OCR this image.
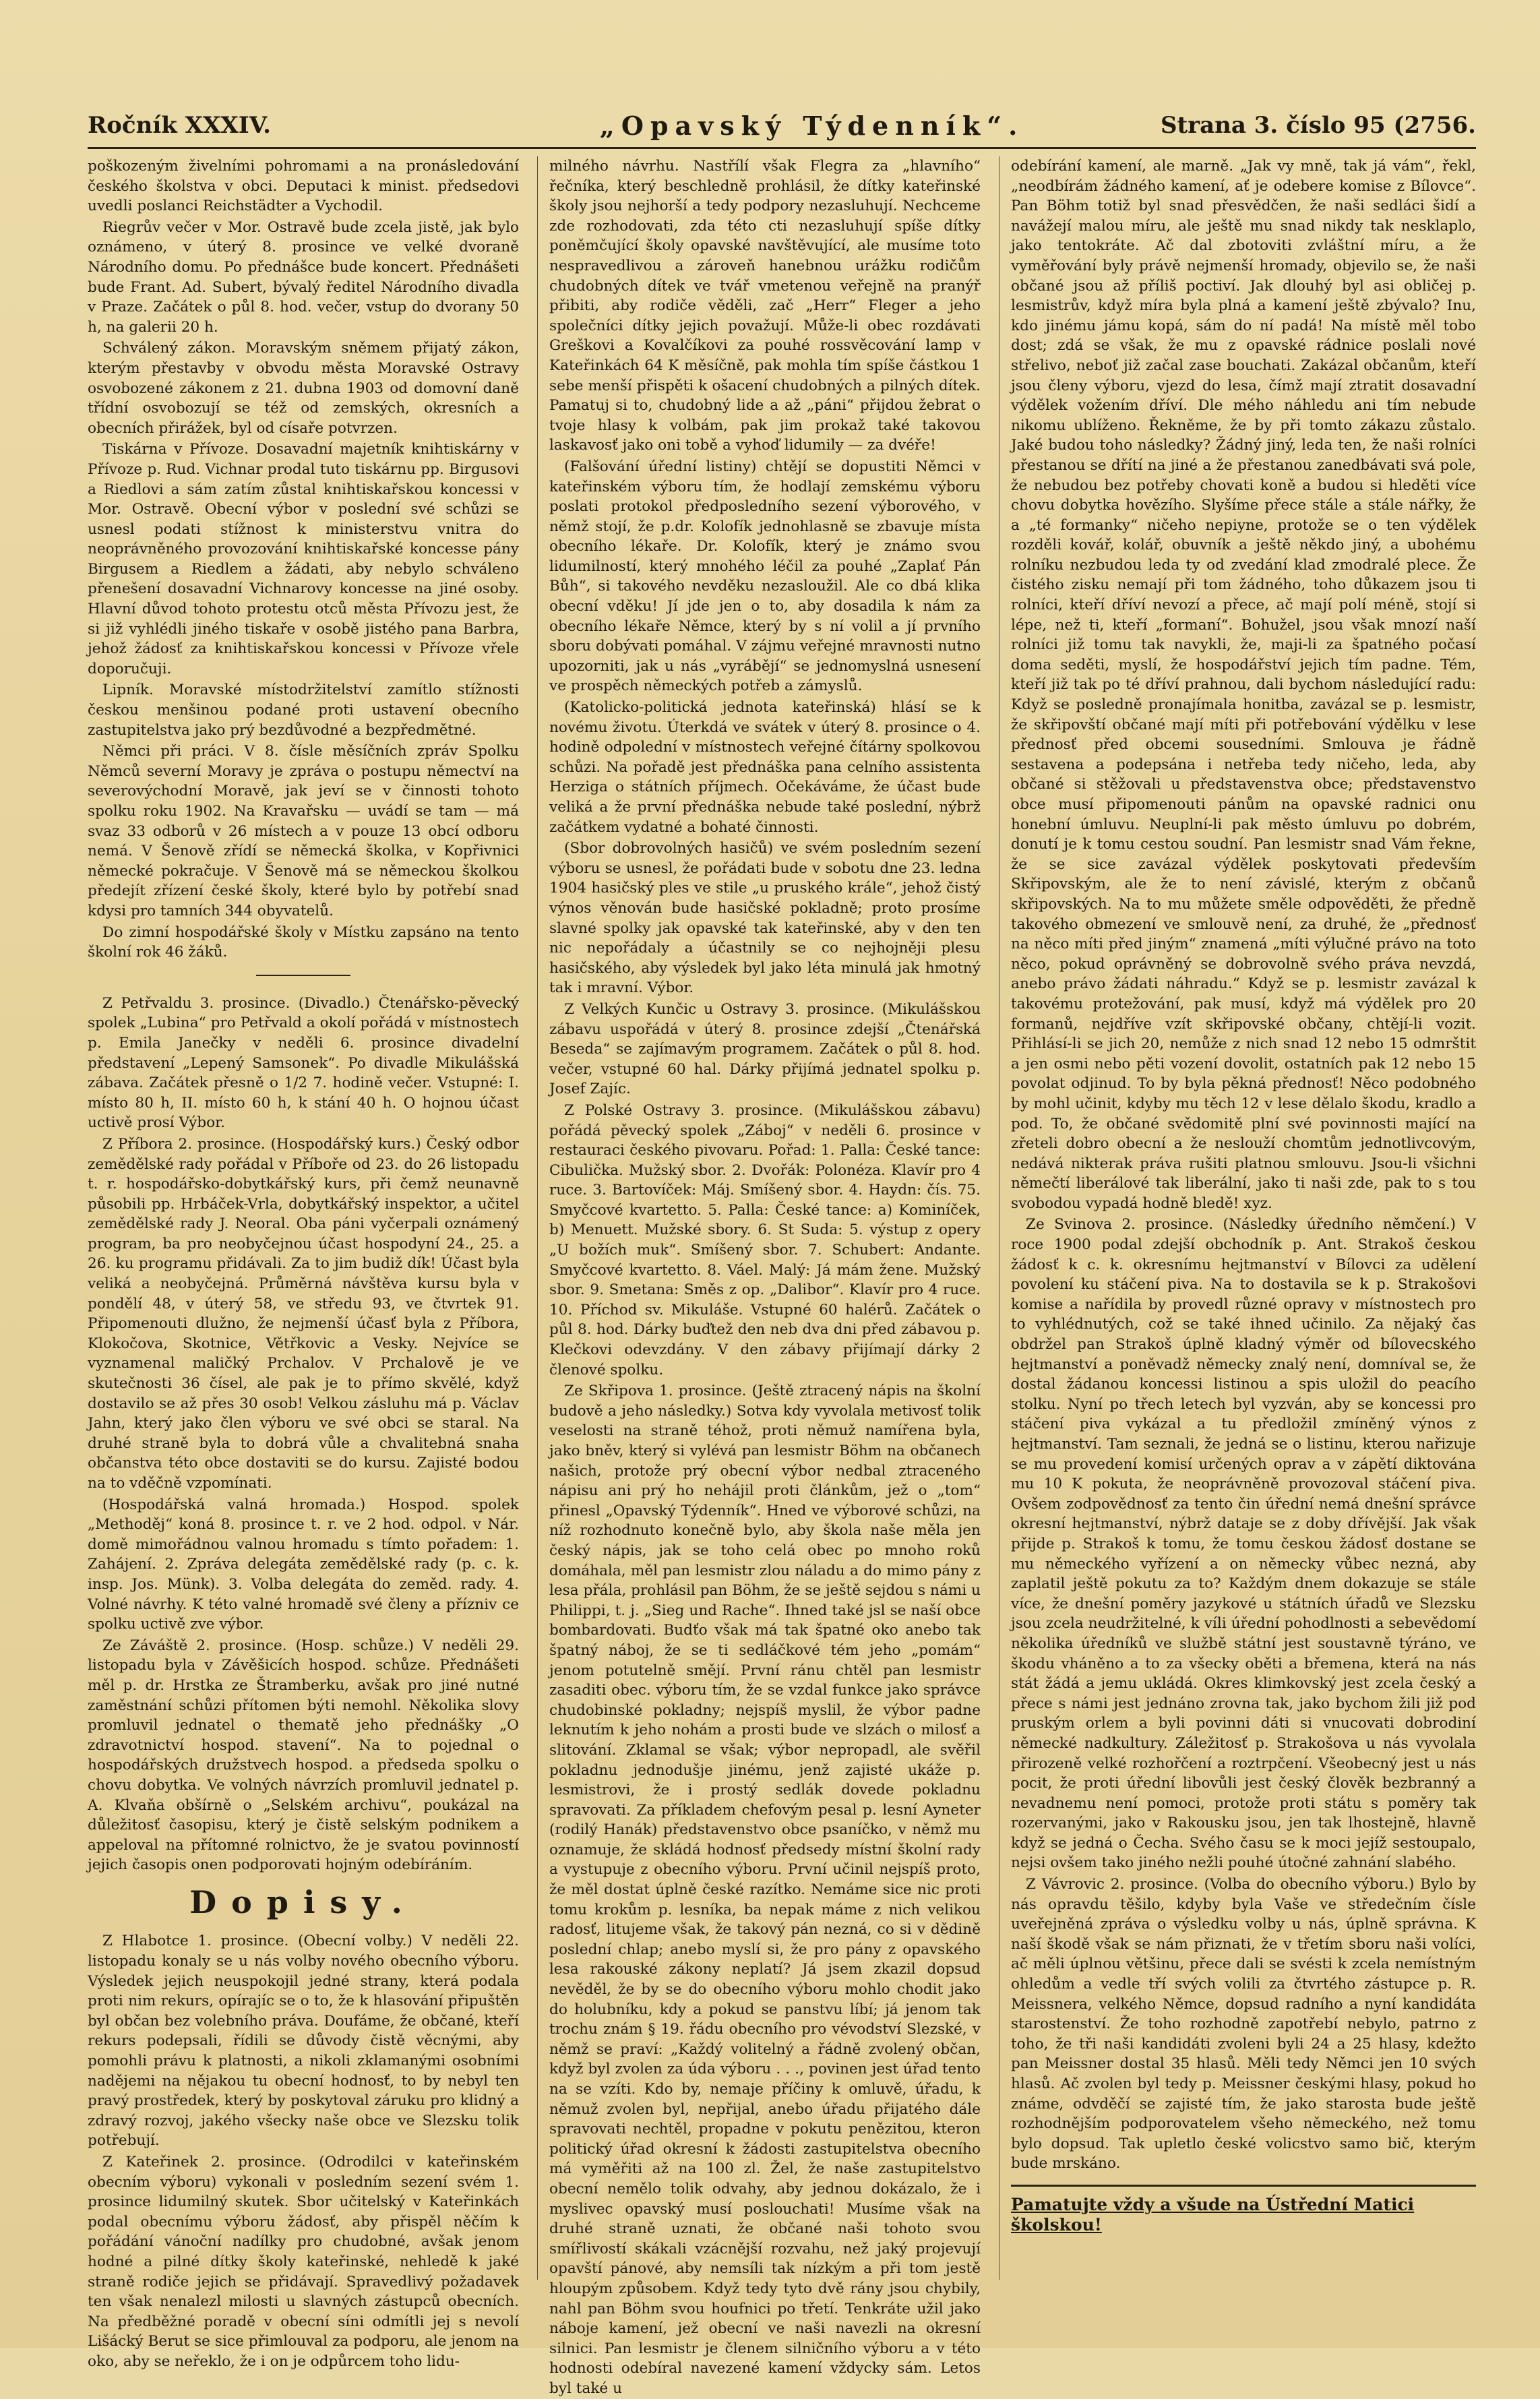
Ročník XXXIV.	„Opavský Týdenník“.	Strana 3. číslo 95 (2756.

poškozeným živelními pohromami a na pronásledování českého školstva v obci. Deputaci k minist. předsedovi uvedli poslanci Reichstädter a Vychodil.

Riegrův večer v Mor. Ostravě bude zcela jistě, jak bylo oznámeno, v úterý 8. prosince ve velké dvoraně Národního domu. Po přednášce bude koncert. Přednášeti bude Frant. Ad. Subert, bývalý ředitel Národního divadla v Praze. Začátek o půl 8. hod. večer, vstup do dvorany 50 h, na galerii 20 h.

Schválený zákon. Moravským sněmem přijatý zákon, kterým přestavby v obvodu města Moravské Ostravy osvobozené zákonem z 21. dubna 1903 od domovní daně třídní osvobozují se též od zemských, okresních a obecních přirážek, byl od císaře potvrzen.

Tiskárna v Přívoze. Dosavadní majetník knihtiskárny v Přívoze p. Rud. Vichnar prodal tuto tiskárnu pp. Birgusovi a Riedlovi a sám zatím zůstal knihtiskařskou koncessi v Mor. Ostravě. Obecní výbor v poslední své schůzi se usnesl podati stížnost k ministerstvu vnitra do neoprávněného provozování knihtiskařské koncesse pány Birgusem a Riedlem a žádati, aby nebylo schváleno přenešení dosavadní Vichnarovy koncesse na jiné osoby. Hlavní důvod tohoto protestu otců města Přívozu jest, že si již vyhlédli jiného tiskaře v osobě jistého pana Barbra, jehož žádosť za knihtiskařskou koncessi v Přívoze vřele doporučuji.

Lipník. Moravské místodržitelství zamítlo stížnosti českou menšinou podané proti ustavení obecního zastupitelstva jako prý bezdůvodné a bezpředmětné.

Němci při práci. V 8. čísle měsíčních zpráv Spolku Němců severní Moravy je zpráva o postupu němectví na severovýchodní Moravě, jak jeví se v činnosti tohoto spolku roku 1902. Na Kravařsku — uvádí se tam — má svaz 33 odborů v 26 místech a v pouze 13 obcí odboru nemá. V Šenově zřídí se německá školka, v Kopřivnici německé pokračuje. V Šenově má se německou školkou předejít zřízení české školy, které bylo by potřebí snad kdysi pro tamních 344 obyvatelů.

Do zimní hospodářské školy v Místku zapsáno na tento školní rok 46 žáků.

Z Petřvaldu 3. prosince. (Divadlo.) Čtenářsko-pěvecký spolek „Lubina“ pro Petřvald a okolí pořádá v místnostech p. Emila Janečky v neděli 6. prosince divadelní představení „Lepený Samsonek“. Po divadle Mikulášská zábava. Začátek přesně o 1/2 7. hodině večer. Vstupné: I. místo 80 h, II. místo 60 h, k stání 40 h. O hojnou účast uctivě prosí Výbor.

Z Příbora 2. prosince. (Hospodářský kurs.) Český odbor zemědělské rady pořádal v Příboře od 23. do 26 listopadu t. r. hospodářsko-dobytkářský kurs, při čemž neunavně působili pp. Hrbáček-Vrla, dobytkářský inspektor, a učitel zemědělské rady J. Neoral. Oba páni vyčerpali oznámený program, ba pro neobyčejnou účast hospodyní 24., 25. a 26. ku programu přidávali. Za to jim budiž dík! Účast byla veliká a neobyčejná. Průměrná návštěva kursu byla v pondělí 48, v úterý 58, ve středu 93, ve čtvrtek 91. Připomenouti dlužno, že nejmenší účasť byla z Příbora, Klokočova, Skotnice, Větřkovic a Vesky. Nejvíce se vyznamenal maličký Prchalov. V Prchalově je ve skutečnosti 36 čísel, ale pak je to přímo skvělé, když dostavilo se až přes 30 osob! Velkou zásluhu má p. Václav Jahn, který jako člen výboru ve své obci se staral. Na druhé straně byla to dobrá vůle a chvalitebná snaha občanstva této obce dostaviti se do kursu. Zajisté bodou na to vděčně vzpomínati.

(Hospodářská valná hromada.) Hospod. spolek „Methoděj“ koná 8. prosince t. r. ve 2 hod. odpol. v Nár. domě mimořádnou valnou hromadu s tímto pořadem: 1. Zahájení. 2. Zpráva delegáta zemědělské rady (p. c. k. insp. Jos. Münk). 3. Volba delegáta do zeměd. rady. 4. Volné návrhy. K této valné hromadě své členy a přízniv ce spolku uctivě zve výbor.

Ze Záváště 2. prosince. (Hosp. schůze.) V neděli 29. listopadu byla v Závěšicích hospod. schůze. Přednášeti měl p. dr. Hrstka ze Štramberku, avšak pro jiné nutné zaměstnání schůzi přítomen býti nemohl. Několika slovy promluvil jednatel o thematě jeho přednášky „O zdravotnictví hospod. stavení“. Na to pojednal o hospodářských družstvech hospod. a předseda spolku o chovu dobytka. Ve volných návrzích promluvil jednatel p. A. Klvaňa obšírně o „Selském archivu“, poukázal na důležitosť časopisu, který je čistě selským podnikem a appeloval na přítomné rolnictvo, že je svatou povinností jejich časopis onen podporovati hojným odebíráním.

Dopisy.

Z Hlabotce 1. prosince. (Obecní volby.) V neděli 22. listopadu konaly se u nás volby nového obecního výboru. Výsledek jejich neuspokojil jedné strany, která podala proti nim rekurs, opírajíc se o to, že k hlasování připuštěn byl občan bez volebního práva. Doufáme, že občané, kteří rekurs podepsali, řídili se důvody čistě věcnými, aby pomohli právu k platnosti, a nikoli zklamanými osobními nadějemi na nějakou tu obecní hodnosť, to by nebyl ten pravý prostředek, který by poskytoval záruku pro klidný a zdravý rozvoj, jakého všecky naše obce ve Slezsku tolik potřebují.

Z Kateřinek 2. prosince. (Odrodilci v kateřinském obecním výboru) vykonali v posledním sezení svém 1. prosince lidumilný skutek. Sbor učitelský v Kateřinkách podal obecnímu výboru žádosť, aby přispěl něčím k pořádání vánoční nadílky pro chudobné, avšak jenom hodné a pilné dítky školy kateřinské, nehledě k jaké straně rodiče jejich se přidávají. Spravedlivý požadavek ten však nenalezl milosti u slavných zástupců obecních. Na předběžné poradě v obecní síni odmítli jej s nevolí Lišácký Berut se sice přimlouval za podporu, ale jenom na oko, aby se neřeklo, že i on je odpůrcem toho lidu-

milného návrhu. Nastřílí však Flegra za „hlavního“ řečníka, který beschledně prohlásil, že dítky kateřinské školy jsou nejhorší a tedy podpory nezasluhují. Nechceme zde rozhodovati, zda této cti nezasluhují spíše dítky poněmčující školy opavské navštěvující, ale musíme toto nespravedlivou a zároveň hanebnou urážku rodičům chudobných dítek ve tvář vmetenou veřejně na pranýř přibiti, aby rodiče věděli, zač „Herr“ Fleger a jeho společníci dítky jejich považují. Může-li obec rozdávati Greškovi a Kovalčíkovi za pouhé rossvěcování lamp v Kateřinkách 64 K měsíčně, pak mohla tím spíše částkou 1 sebe menší přispěti k ošacení chudobných a pilných dítek. Pamatuj si to, chudobný lide a až „páni“ přijdou žebrat o tvoje hlasy k volbám, pak jim prokaž také takovou laskavosť jako oni tobě a vyhoď lidumily — za dvéře!

(Falšování úřední listiny) chtějí se dopustiti Němci v kateřinském výboru tím, že hodlají zemskému výboru poslati protokol předposledního sezení výborového, v němž stojí, že p.dr. Kolofík jednohlasně se zbavuje místa obecního lékaře. Dr. Kolofík, který je známo svou lidumilností, který mnohého léčil za pouhé „Zaplať Pán Bůh“, si takového nevděku nezasloužil. Ale co dbá klika obecní vděku! Jí jde jen o to, aby dosadila k nám za obecního lékaře Němce, který by s ní volil a jí prvního sboru dobývati pomáhal. V zájmu veřejné mravnosti nutno upozorniti, jak u nás „vyrábějí“ se jednomyslná usnesení ve prospěch německých potřeb a zámyslů.

(Katolicko-politická jednota kateřinská) hlásí se k novému životu. Úterkdá ve svátek v úterý 8. prosince o 4. hodině odpolední v místnostech veřejné čítárny spolkovou schůzi. Na pořadě jest přednáška pana celního assistenta Herziga o státních příjmech. Očekáváme, že účast bude veliká a že první přednáška nebude také poslední, nýbrž začátkem vydatné a bohaté činnosti.

(Sbor dobrovolných hasičů) ve svém posledním sezení výboru se usnesl, že pořádati bude v sobotu dne 23. ledna 1904 hasičský ples ve stile „u pruského krále“, jehož čistý výnos věnován bude hasičské pokladně; proto prosíme slavné spolky jak opavské tak kateřinské, aby v den ten nic nepořádaly a účastnily se co nejhojněji plesu hasičského, aby výsledek byl jako léta minulá jak hmotný tak i mravní. Výbor.

Z Velkých Kunčic u Ostravy 3. prosince. (Mikulášskou zábavu uspořádá v úterý 8. prosince zdejší „Čtenářská Beseda“ se zajímavým programem. Začátek o půl 8. hod. večer, vstupné 60 hal. Dárky přijímá jednatel spolku p. Josef Zajíc.

Z Polské Ostravy 3. prosince. (Mikulášskou zábavu) pořádá pěvecký spolek „Záboj“ v neděli 6. prosince v restauraci českého pivovaru. Pořad: 1. Palla: České tance: Cibulička. Mužský sbor. 2. Dvořák: Polonéza. Klavír pro 4 ruce. 3. Bartovíček: Máj. Smíšený sbor. 4. Haydn: čís. 75. Smyčcové kvartetto. 5. Palla: České tance: a) Kominíček, b) Menuett. Mužské sbory. 6. St Suda: 5. výstup z opery „U božích muk“. Smíšený sbor. 7. Schubert: Andante. Smyčcové kvartetto. 8. Váel. Malý: Já mám žene. Mužský sbor. 9. Smetana: Směs z op. „Dalibor“. Klavír pro 4 ruce. 10. Příchod sv. Mikuláše. Vstupné 60 halérů. Začátek o půl 8. hod. Dárky buďtež den neb dva dni před zábavou p. Klečkovi odevzdány. V den zábavy přijímají dárky 2 členové spolku.

Ze Skřipova 1. prosince. (Ještě ztracený nápis na školní budově a jeho následky.) Sotva kdy vyvolala metivosť tolik veselosti na straně téhož, proti němuž namířena byla, jako bněv, který si vylévá pan lesmistr Böhm na občanech našich, protože prý obecní výbor nedbal ztraceného nápisu ani prý ho nehájil proti článkům, jež o „tom“ přinesl „Opavský Týdenník“. Hned ve výborové schůzi, na níž rozhodnuto konečně bylo, aby škola naše měla jen český nápis, jak se toho celá obec po mnoho roků domáhala, měl pan lesmistr zlou náladu a do mimo pány z lesa přála, prohlásil pan Böhm, že se ještě sejdou s námi u Philippi, t. j. „Sieg und Rache“. Ihned také jsl se naší obce bombardovati. Budťo však má tak špatné oko anebo tak špatný náboj, že se ti sedláčkové tém jeho „pomám“ jenom potutelně smějí. První ránu chtěl pan lesmistr zasaditi obec. výboru tím, že se vzdal funkce jako správce chudobinské pokladny; nejspíš myslil, že výbor padne leknutím k jeho nohám a prosti bude ve slzách o milosť a slitování. Zklamal se však; výbor nepropadl, ale svěřil pokladnu jednodušje jinému, jenž zajisté ukáže p. lesmistrovi, že i prostý sedlák dovede pokladnu spravovati. Za příkladem chefovým pesal p. lesní Ayneter (rodilý Hanák) představenstvo obce psaníčko, v němž mu oznamuje, že skládá hodnosť předsedy místní školní rady a vystupuje z obecního výboru. První učinil nejspíš proto, že měl dostat úplně české razítko. Nemáme sice nic proti tomu krokům p. lesníka, ba nepak máme z nich velikou radosť, litujeme však, že takový pán nezná, co si v dědině poslední chlap; anebo myslí si, že pro pány z opavského lesa rakouské zákony neplatí? Já jsem zkazil dopsud nevěděl, že by se do obecního výboru mohlo chodit jako do holubníku, kdy a pokud se panstvu líbí; já jenom tak trochu znám § 19. řádu obecního pro vévodství Slezské, v němž se praví: „Každý volitelný a řádně zvolený občan, když byl zvolen za úda výboru . . ., povinen jest úřad tento na se vzíti. Kdo by, nemaje příčiny k omluvě, úřadu, k němuž zvolen byl, nepřijal, anebo úřadu přijatého dále spravovati nechtěl, propadne v pokutu penězitou, kteron politický úřad okresní k žádosti zastupitelstva obecního má vyměřiti až na 100 zl. Žel, že naše zastupitelstvo obecní nemělo tolik odvahy, aby jednou dokázalo, že i myslivec opavský musí poslouchati! Musíme však na druhé straně uznati, že občané naši tohoto svou smířlivostí skákali vzácnější rozvahu, než jaký projevují opavští pánové, aby nemsíli tak nízkým a při tom jestě hloupým způsobem. Když tedy tyto dvě rány jsou chybily, nahl pan Böhm svou houfnici po třetí. Tenkráte užil jako náboje kamení, jež obecní ve naši navezli na okresní silnici. Pan lesmistr je členem silničního výboru a v této hodnosti odebíral navezené kamení vždycky sám. Letos byl také u

odebírání kamení, ale marně. „Jak vy mně, tak já vám“, řekl, „neodbírám žádného kamení, ať je odebere komise z Bílovce“. Pan Böhm totiž byl snad přesvědčen, že naši sedláci šidí a navážejí malou míru, ale ještě mu snad nikdy tak nesklaplo, jako tentokráte. Ač dal zbotoviti zvláštní míru, a že vyměřování byly právě nejmenší hromady, objevilo se, že naši občané jsou až příliš poctiví. Jak dlouhý byl asi obličej p. lesmistrův, když míra byla plná a kamení ještě zbývalo? Inu, kdo jinému jámu kopá, sám do ní padá! Na místě měl tobo dost; zdá se však, že mu z opavské rádnice poslali nové střelivo, neboť již začal zase bouchati. Zakázal občanům, kteří jsou členy výboru, vjezd do lesa, čímž mají ztratit dosavadní výdělek vožením dříví. Dle mého náhledu ani tím nebude nikomu ublíženo. Řekněme, že by při tomto zákazu zůstalo. Jaké budou toho následky? Žádný jiný, leda ten, že naši rolníci přestanou se dřítí na jiné a že přestanou zanedbávati svá pole, že nebudou bez potřeby chovati koně a budou si hleděti více chovu dobytka hovězího. Slyšíme přece stále a stále nářky, že a „té formanky“ ničeho nepiyne, protože se o ten výdělek rozděli kovář, kolář, obuvník a ještě někdo jiný, a ubohému rolníku nezbudou leda ty od zvedání klad zmodralé plece. Že čistého zisku nemají při tom žádného, toho důkazem jsou ti rolníci, kteří dříví nevozí a přece, ač mají polí méně, stojí si lépe, než ti, kteří „formaní“. Bohužel, jsou však mnozí naší rolníci již tomu tak navykli, že, maji-li za špatného počasí doma seděti, myslí, že hospodářství jejich tím padne. Tém, kteří již tak po té dříví prahnou, dali bychom následující radu: Když se posledně pronajímala honitba, zavázal se p. lesmistr, že skřipovští občané mají míti při potřebování výdělku v lese přednosť před obcemi sousedními. Smlouva je řádně sestavena a podepsána i netřeba tedy ničeho, leda, aby občané si stěžovali u představenstva obce; představenstvo obce musí připomenouti pánům na opavské radnici onu honební úmluvu. Neuplní-li pak město úmluvu po dobrém, donutí je k tomu cestou soudní. Pan lesmistr snad Vám řekne, že se sice zavázal výdělek poskytovati především Skřipovským, ale že to není závislé, kterým z občanů skřipovských. Na to mu můžete směle odpověděti, že předně takového obmezení ve smlouvě není, za druhé, že „přednosť na něco míti před jiným“ znamená „míti výlučné právo na toto něco, pokud oprávněný se dobrovolně svého práva nevzdá, anebo právo žádati náhradu.“ Když se p. lesmistr zavázal k takovému protežování, pak musí, když má výdělek pro 20 formanů, nejdříve vzít skřipovské občany, chtějí-li vozit. Přihlásí-li se jich 20, nemůže z nich snad 12 nebo 15 odmrštit a jen osmi nebo pěti vození dovolit, ostatních pak 12 nebo 15 povolat odjinud. To by byla pěkná přednosť! Něco podobného by mohl učinit, kdyby mu těch 12 v lese dělalo škodu, kradlo a pod. To, že občané svědomitě plní své povinnosti mající na zřeteli dobro obecní a že neslouží chomtům jednotlivcovým, nedává nikterak práva rušiti platnou smlouvu. Jsou-li všichni němečtí liberálové tak liberální, jako ti naši zde, pak to s tou svobodou vypadá hodně bledě! xyz.

Ze Svinova 2. prosince. (Následky úředního němčení.) V roce 1900 podal zdejší obchodník p. Ant. Strakoš českou žádosť k c. k. okresnímu hejtmanství v Bílovci za udělení povolení ku stáčení piva. Na to dostavila se k p. Strakošovi komise a nařídila by provedl různé opravy v místnostech pro to vyhlédnutých, což se také ihned učinilo. Za nějaký čas obdržel pan Strakoš úplně kladný výměr od bílovecského hejtmanství a poněvadž německy znalý není, domníval se, že dostal žádanou koncessi listinou a spis uložil do peacího stolku. Nyní po třech letech byl vyzván, aby se koncessi pro stáčení piva vykázal a tu předložil zmíněný výnos z hejtmanství. Tam seznali, že jedná se o listinu, kterou nařizuje se mu provedení komisí určených oprav a v zápětí diktována mu 10 K pokuta, že neoprávněně provozoval stáčení piva. Ovšem zodpovědnosť za tento čin úřední nemá dnešní správce okresní hejtmanství, nýbrž dataje se z doby dřívější. Jak však přijde p. Strakoš k tomu, že tomu českou žádosť dostane se mu německého vyřízení a on německy vůbec nezná, aby zaplatil ještě pokutu za to? Každým dnem dokazuje se stále více, že dnešní poměry jazykové u státních úřadů ve Slezsku jsou zcela neudržitelné, k víli úřední pohodlnosti a sebevědomí několika úředníků ve službě státní jest soustavně týráno, ve škodu vháněno a to za všecky oběti a břemena, která na nás stát žádá a jemu ukládá. Okres klimkovský jest zcela český a přece s námi jest jednáno zrovna tak, jako bychom žili již pod pruským orlem a byli povinni dáti si vnucovati dobrodiní německé nadkultury. Záležitosť p. Strakošova u nás vyvolala přirozeně velké rozhořčení a roztrpčení. Všeobecný jest u nás pocit, že proti úřední libovůli jest český člověk bezbranný a nevadnemu není pomoci, protože proti státu s poměry tak rozervanými, jako v Rakousku jsou, jen tak lhostejně, hlavně když se jedná o Čecha. Svého času se k moci jejíž sestoupalo, nejsi ovšem tako jiného nežli pouhé útočné zahnání slabého.

Z Vávrovic 2. prosince. (Volba do obecního výboru.) Bylo by nás opravdu těšilo, kdyby byla Vaše ve středečním čísle uveřejněná zpráva o výsledku volby u nás, úplně správna. K naší škodě však se nám přiznati, že v třetím sboru naši volíci, ač měli úplnou většinu, přece dali se svésti k zcela nemístným ohledům a vedle tří svých volili za čtvrtého zástupce p. R. Meissnera, velkého Němce, dopsud radního a nyní kandidáta starostenství. Že toho rozhodně zapotřebí nebylo, patrno z toho, že tři naši kandidáti zvoleni byli 24 a 25 hlasy, kdežto pan Meissner dostal 35 hlasů. Měli tedy Němci jen 10 svých hlasů. Ač zvolen byl tedy p. Meissner českými hlasy, pokud ho známe, odvděčí se zajisté tím, že jako starosta bude ještě rozhodnějším podporovatelem všeho německého, než tomu bylo dopsud. Tak upletlo české volicstvo samo bič, kterým bude mrskáno.

Pamatujte vždy a všude na Ústřední Matici školskou!
